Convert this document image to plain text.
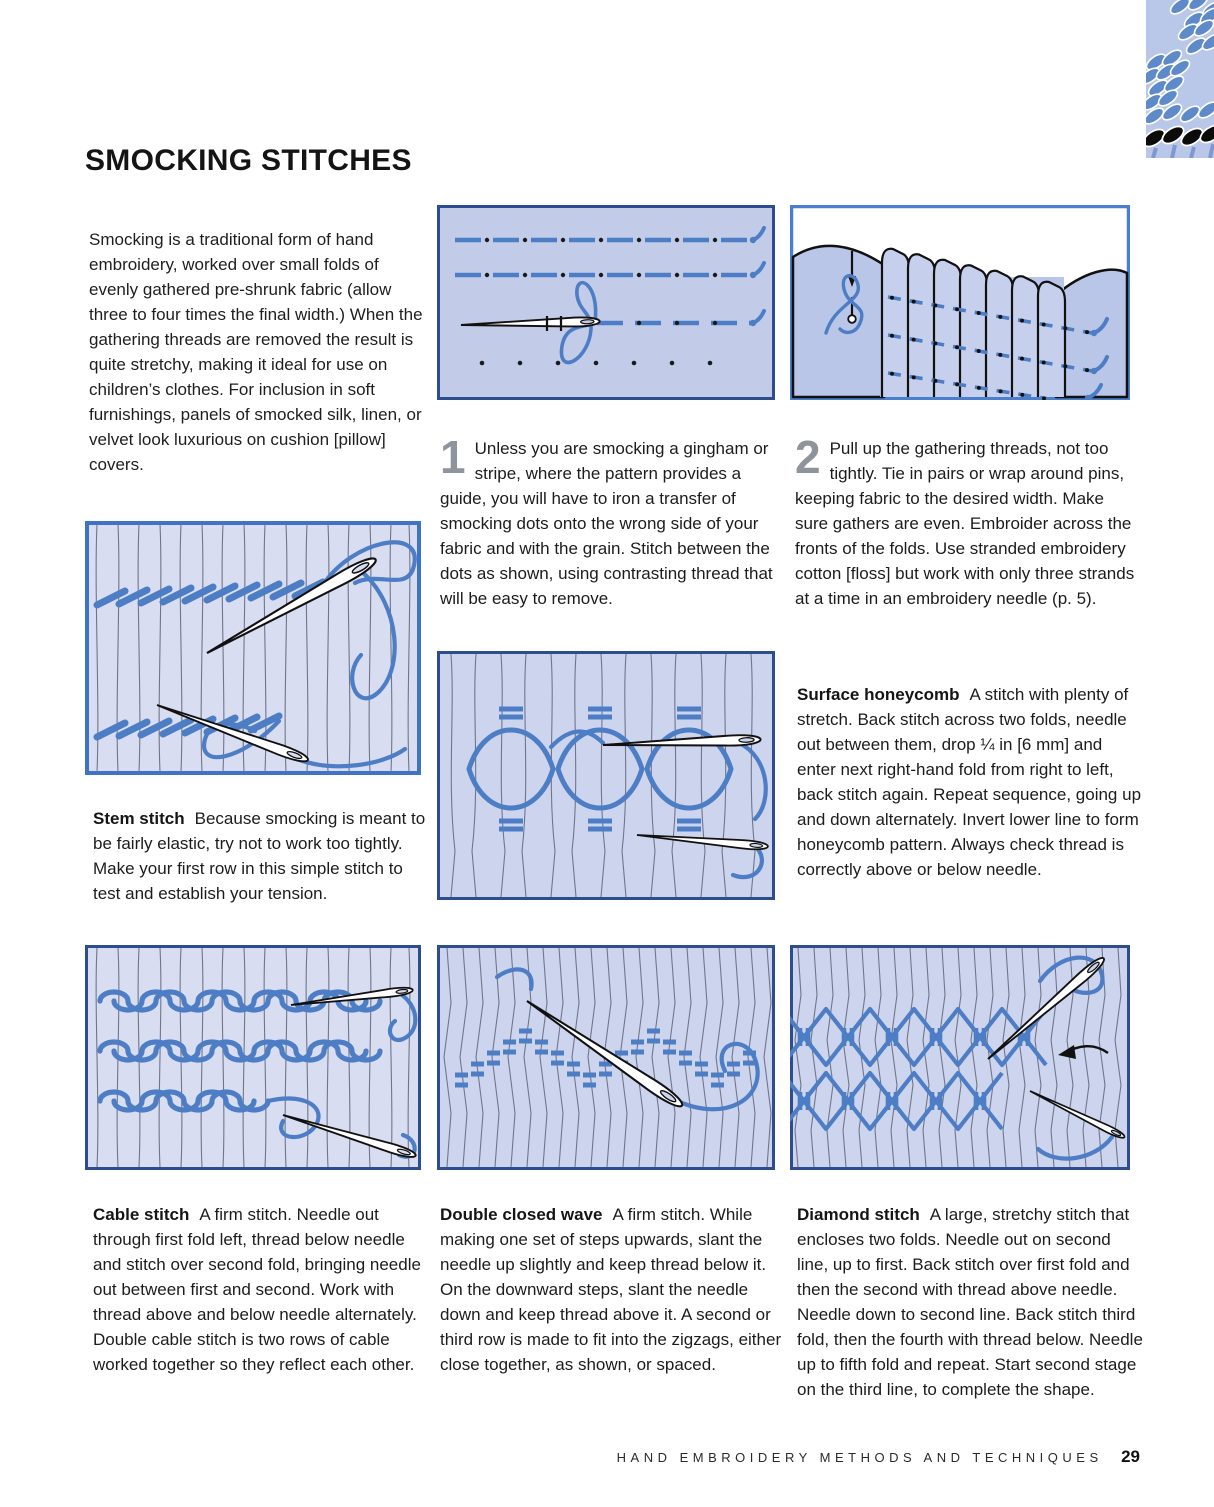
SMOCKING STITCHES

Smocking is a traditional form of hand embroidery, worked over small folds of evenly gathered pre-shrunk fabric (allow three to four times the final width.) When the gathering threads are removed the result is quite stretchy, making it ideal for use on children’s clothes. For inclusion in soft furnishings, panels of smocked silk, linen, or velvet look luxurious on cushion [pillow] covers.	1 Unless you are smocking a gingham or stripe, where the pattern provides a guide, you will have to iron a transfer of smocking dots onto the wrong side of your fabric and with the grain. Stitch between the dots as shown, using contrasting thread that will be easy to remove.
2 Pull up the gathering threads, not too tightly. Tie in pairs or wrap around pins, keeping fabric to the desired width. Make sure gathers are even. Embroider across the fronts of the folds. Use stranded embroidery cotton [floss] but work with only three strands at a time in an embroidery needle (p. 5).

Surface honeycomb A stitch with plenty of stretch. Back stitch across two folds, needle out between them, drop ¼ in [6 mm] and enter next right-hand fold from right to left, back stitch again. Repeat sequence, going up and down alternately. Invert lower line to form honeycomb pattern. Always check thread is correctly above or below needle.

Stem stitch Because smocking is meant to be fairly elastic, try not to work too tightly. Make your first row in this simple stitch to test and establish your tension.

Cable stitch A firm stitch. Needle out through first fold left, thread below needle and stitch over second fold, bringing needle out between first and second. Work with thread above and below needle alternately. Double cable stitch is two rows of cable worked together so they reflect each other.

Double closed wave A firm stitch. While making one set of steps upwards, slant the needle up slightly and keep thread below it. On the downward steps, slant the needle down and keep thread above it. A second or third row is made to fit into the zigzags, either close together, as shown, or spaced.

Diamond stitch A large, stretchy stitch that encloses two folds. Needle out on second line, up to first. Back stitch over first fold and then the second with thread above needle. Needle down to second line. Back stitch third fold, then the fourth with thread below. Needle up to fifth fold and repeat. Start second stage on the third line, to complete the shape.

HAND EMBROIDERY METHODS AND TECHNIQUES 29
